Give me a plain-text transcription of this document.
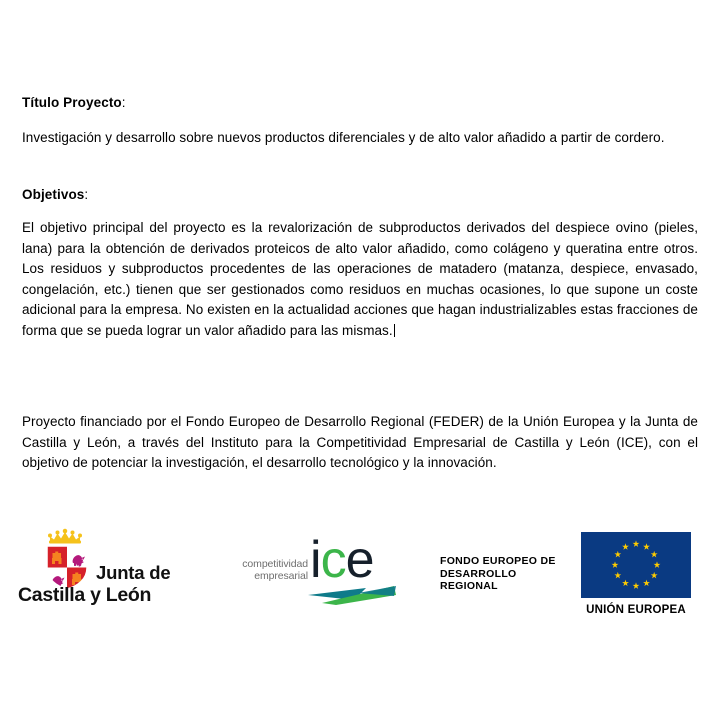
Título Proyecto:

Investigación y desarrollo sobre nuevos productos diferenciales y de alto valor añadido a partir de cordero.

Objetivos:

El objetivo principal del proyecto es la revalorización de subproductos derivados del despiece ovino (pieles, lana) para la obtención de derivados proteicos de alto valor añadido, como colágeno y queratina entre otros. Los residuos y subproductos procedentes de las operaciones de matadero (matanza, despiece, envasado, congelación, etc.) tienen que ser gestionados como residuos en muchas ocasiones, lo que supone un coste adicional para la empresa. No existen en la actualidad acciones que hagan industrializables estas fracciones de forma que se pueda lograr un valor añadido para las mismas.

Proyecto financiado por el Fondo Europeo de Desarrollo Regional (FEDER) de la Unión Europea y la Junta de Castilla y León, a través del Instituto para la Competitividad Empresarial de Castilla y León (ICE), con el objetivo de potenciar la investigación, el desarrollo tecnológico y la innovación.

Junta de
Castilla y León
competitividad
empresarial ice	FONDO EUROPEO DE
DESARROLLO
REGIONAL
UNIÓN EUROPEA
